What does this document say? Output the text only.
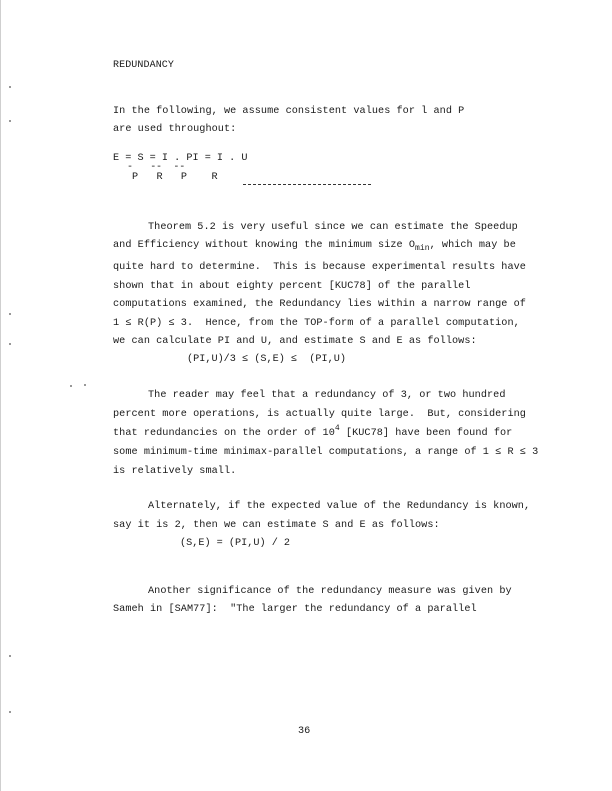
REDUNDANCY
In the following, we assume consistent values for l and P
are used throughout:
E = S = I . PI = I . U
-   --  --
P   R   P    R
Theorem 5.2 is very useful since we can estimate the Speedup
and Efficiency without knowing the minimum size $O_{min}$, which may be
quite hard to determine.  This is because experimental results have
shown that in about eighty percent [KUC78] of the parallel
computations examined, the Redundancy lies within a narrow range of
1 ≤ R(P) ≤ 3.  Hence, from the TOP-form of a parallel computation,
we can calculate PI and U, and estimate S and E as follows:
(PI,U)/3 ≤ (S,E) ≤  (PI,U)
The reader may feel that a redundancy of 3, or two hundred
percent more operations, is actually quite large.  But, considering
that redundancies on the order of $10^4$ [KUC78] have been found for
some minimum-time minimax-parallel computations, a range of 1 ≤ R ≤ 3
is relatively small.
Alternately, if the expected value of the Redundancy is known,
say it is 2, then we can estimate S and E as follows:
(S,E) = (PI,U) / 2
Another significance of the redundancy measure was given by
Sameh in [SAM77]:  "The larger the redundancy of a parallel
36
